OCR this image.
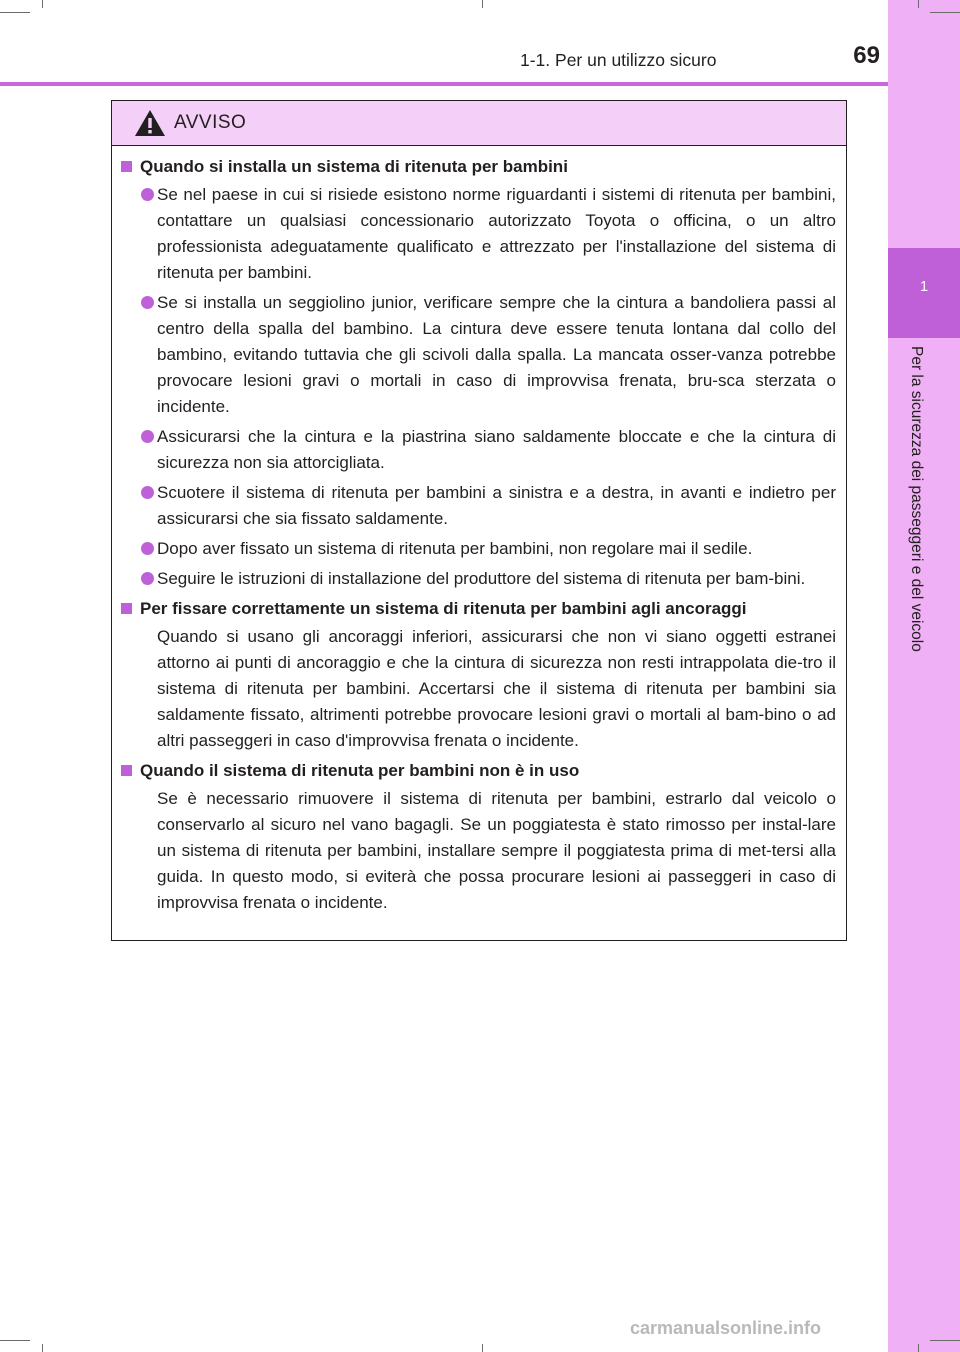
1
Per la sicurezza dei passeggeri e del veicolo
1-1. Per un utilizzo sicuro	69
AVVISO
Quando si installa un sistema di ritenuta per bambini
Se nel paese in cui si risiede esistono norme riguardanti i sistemi di ritenuta per bambini, contattare un qualsiasi concessionario autorizzato Toyota o officina, o un altro professionista adeguatamente qualificato e attrezzato per l'installazione del sistema di ritenuta per bambini.
Se si installa un seggiolino junior, verificare sempre che la cintura a bandoliera passi al centro della spalla del bambino. La cintura deve essere tenuta lontana dal collo del bambino, evitando tuttavia che gli scivoli dalla spalla. La mancata osser-vanza potrebbe provocare lesioni gravi o mortali in caso di improvvisa frenata, bru-sca sterzata o incidente.
Assicurarsi che la cintura e la piastrina siano saldamente bloccate e che la cintura di sicurezza non sia attorcigliata.
Scuotere il sistema di ritenuta per bambini a sinistra e a destra, in avanti e indietro per assicurarsi che sia fissato saldamente.
Dopo aver fissato un sistema di ritenuta per bambini, non regolare mai il sedile.
Seguire le istruzioni di installazione del produttore del sistema di ritenuta per bam-bini.
Per fissare correttamente un sistema di ritenuta per bambini agli ancoraggi
Quando si usano gli ancoraggi inferiori, assicurarsi che non vi siano oggetti estranei attorno ai punti di ancoraggio e che la cintura di sicurezza non resti intrappolata die-tro il sistema di ritenuta per bambini. Accertarsi che il sistema di ritenuta per bambini sia saldamente fissato, altrimenti potrebbe provocare lesioni gravi o mortali al bam-bino o ad altri passeggeri in caso d'improvvisa frenata o incidente.
Quando il sistema di ritenuta per bambini non è in uso
Se è necessario rimuovere il sistema di ritenuta per bambini, estrarlo dal veicolo o conservarlo al sicuro nel vano bagagli. Se un poggiatesta è stato rimosso per instal-lare un sistema di ritenuta per bambini, installare sempre il poggiatesta prima di met-tersi alla guida. In questo modo, si eviterà che possa procurare lesioni ai passeggeri in caso di improvvisa frenata o incidente.
carmanualsonline.info
